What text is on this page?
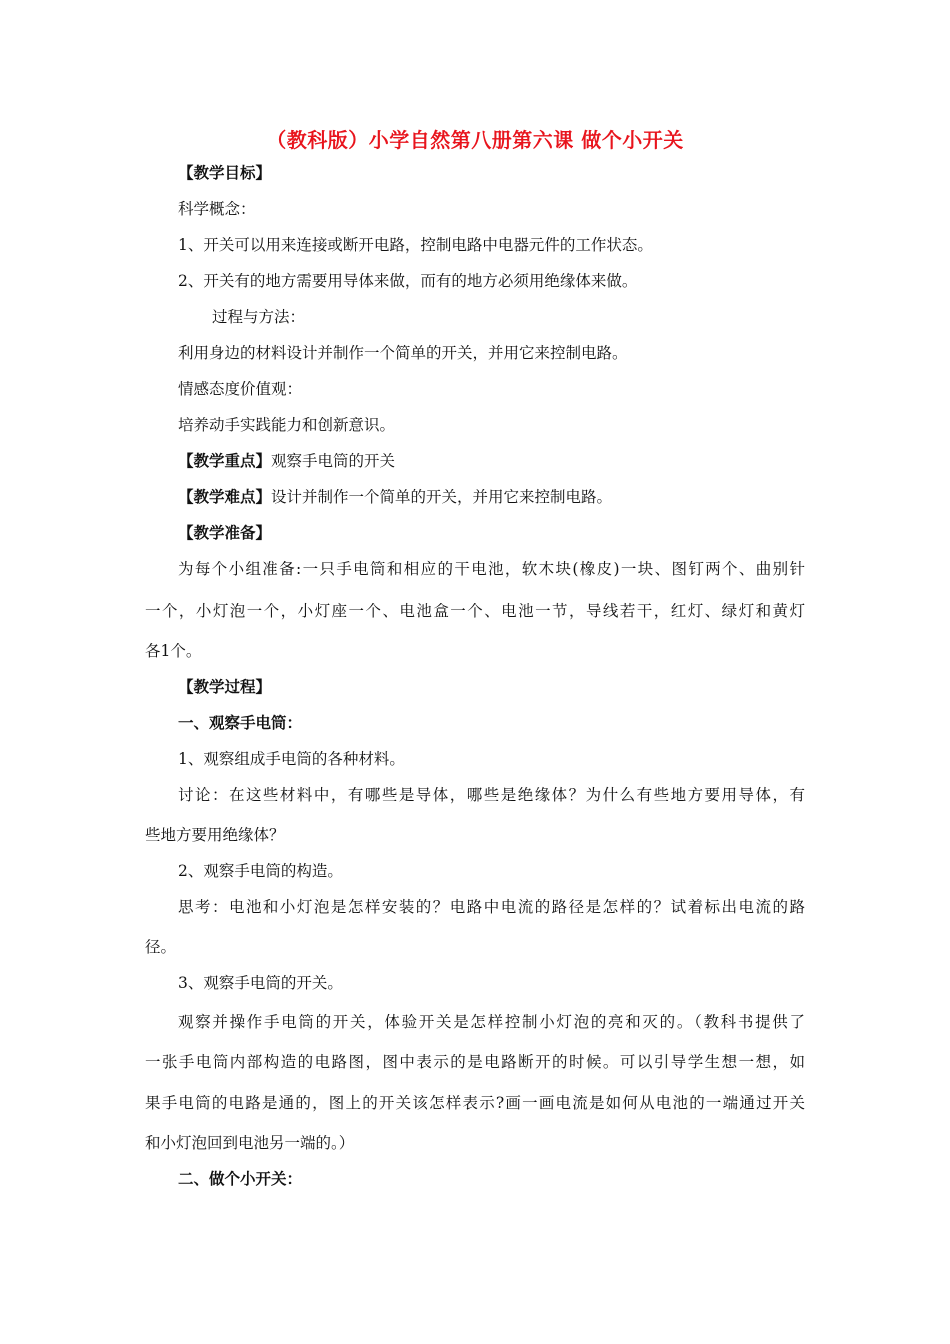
（教科版）小学自然第八册第六课 做个小开关
【教学目标】
科学概念：
1、开关可以用来连接或断开电路，控制电路中电器元件的工作状态。
2、开关有的地方需要用导体来做，而有的地方必须用绝缘体来做。
过程与方法：
利用身边的材料设计并制作一个简单的开关，并用它来控制电路。
情感态度价值观：
培养动手实践能力和创新意识。
【教学重点】观察手电筒的开关
【教学难点】设计并制作一个简单的开关，并用它来控制电路。
【教学准备】
为每个小组准备:一只手电筒和相应的干电池，软木块(橡皮)一块、图钉两个、曲别针
一个，小灯泡一个，小灯座一个、电池盒一个、电池一节，导线若干，红灯、绿灯和黄灯
各1个。
【教学过程】
一、观察手电筒：
1、观察组成手电筒的各种材料。
讨论：在这些材料中，有哪些是导体，哪些是绝缘体？为什么有些地方要用导体，有
些地方要用绝缘体？
2、观察手电筒的构造。
思考：电池和小灯泡是怎样安装的？电路中电流的路径是怎样的？试着标出电流的路
径。
3、观察手电筒的开关。
观察并操作手电筒的开关，体验开关是怎样控制小灯泡的亮和灭的。（教科书提供了
一张手电筒内部构造的电路图，图中表示的是电路断开的时候。可以引导学生想一想，如
果手电筒的电路是通的，图上的开关该怎样表示?画一画电流是如何从电池的一端通过开关
和小灯泡回到电池另一端的。）
二、做个小开关：
